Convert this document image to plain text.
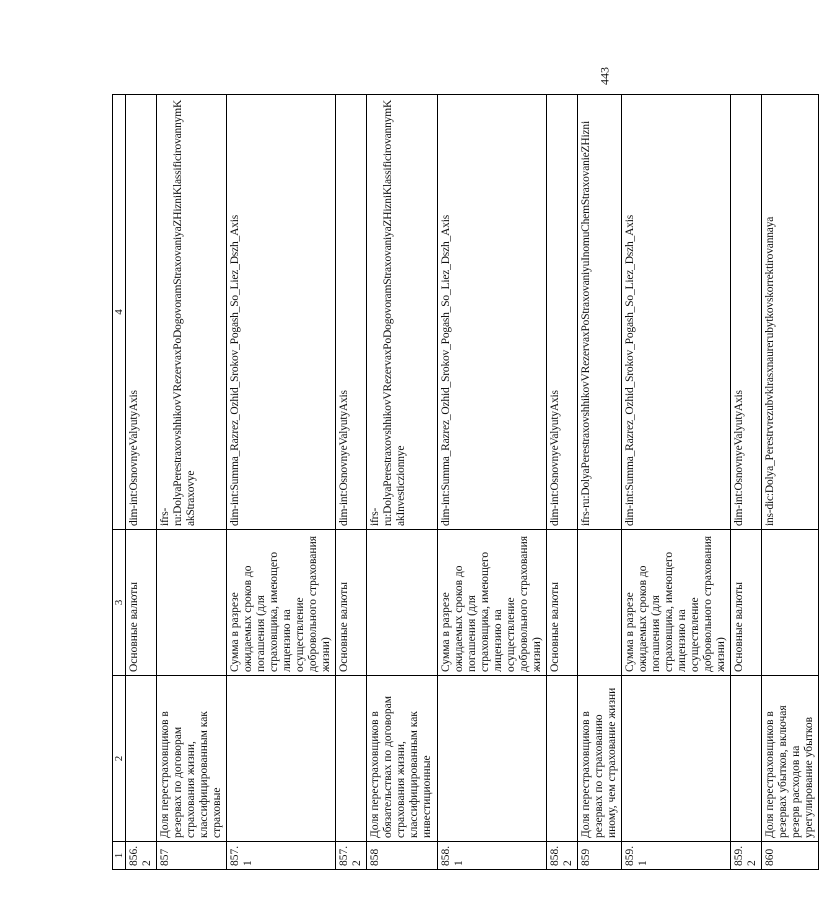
443
1	2	3	4
856.2		Основные валюты	dim-int:OsnovnyeValyutyAxis
857	Доля перестраховщиков в резервах по договорам страхования жизни, классифицированным как страховые		ifrs-ru:DolyaPerestraxovshhikovVRezervaxPoDogovoramStraxovaniyaZHizniKlassificirovannymKakStraxovye
857.1		Сумма в разрезе ожидаемых сроков до погашения (для страховщика, имеющего лицензию на осуществление добровольного страхования жизни)	dim-int:Summa_Razrez_Ozhid_Srokov_Pogash_So_Liez_Dszh_Axis
857.2		Основные валюты	dim-int:OsnovnyeValyutyAxis
858	Доля перестраховщиков в обязательствах по договорам страхования жизни, классифицированным как инвестиционные		ifrs-ru:DolyaPerestraxovshhikovVRezervaxPoDogovoramStraxovaniyaZHizniKlassificirovannymKakInvesticzionnye
858.1		Сумма в разрезе ожидаемых сроков до погашения (для страховщика, имеющего лицензию на осуществление добровольного страхования жизни)	dim-int:Summa_Razrez_Ozhid_Srokov_Pogash_So_Liez_Dszh_Axis
858.2		Основные валюты	dim-int:OsnovnyeValyutyAxis
859	Доля перестраховщиков в резервах по страхованию иному, чем страхование жизни		ifrs-ru:DolyaPerestraxovshhikovVRezervaxPoStraxovaniyuInomuChemStraxovanieZHizni
859.1		Сумма в разрезе ожидаемых сроков до погашения (для страховщика, имеющего лицензию на осуществление добровольного страхования жизни)	dim-int:Summa_Razrez_Ozhid_Srokov_Pogash_So_Liez_Dszh_Axis
859.2		Основные валюты	dim-int:OsnovnyeValyutyAxis
860	Доля перестраховщиков в резервах убытков, включая резерв расходов на урегулирование убытков		ins-dic:Dolya_Perestrvrezubvklrasxnaurегubytkovskorrektirovannaya
